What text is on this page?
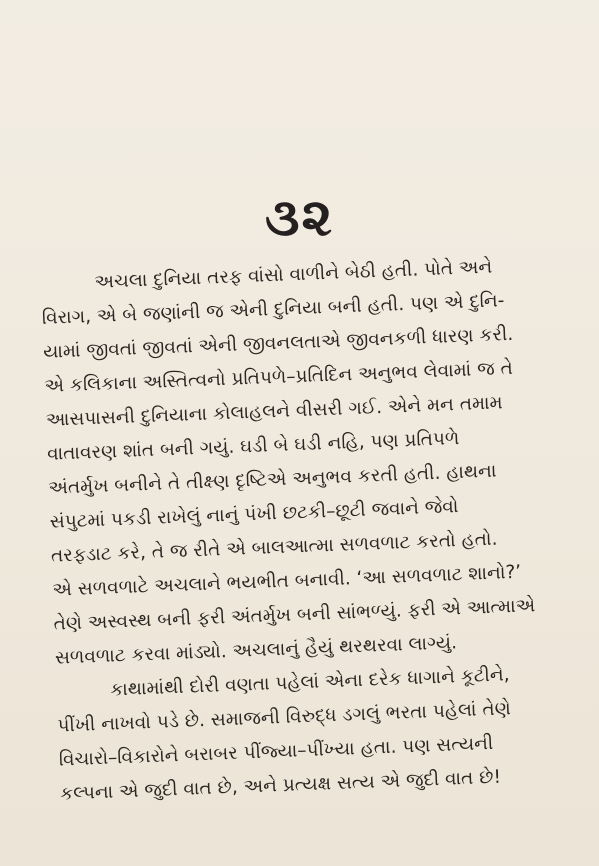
૩૨

અચલા દુનિયા તરફ વાંસો વાળીને બેઠી હતી. પોતે અને

વિરાગ, એ બે જણાંની જ એની દુનિયા બની હતી. પણ એ દુનિ-

યામાં જીવતાં જીવતાં એની જીવનલતાએ જીવનકળી ધારણ કરી.

એ કલિકાના અસ્તિત્વનો પ્રતિપળે–પ્રતિદિન અનુભવ લેવામાં જ તે

આસપાસની દુનિયાના કોલાહલને વીસરી ગઈ. એને મન તમામ

વાતાવરણ શાંત બની ગયું. ઘડી બે ઘડી નહિ, પણ પ્રતિપળે

અંતર્મુખ બનીને તે તીક્ષ્ણ દૃષ્ટિએ અનુભવ કરતી હતી. હાથના

સંપુટમાં પકડી રાખેલું નાનું પંખી છટકી–છૂટી જવાને જેવો

તરફડાટ કરે, તે જ રીતે એ બાલઆત્મા સળવળાટ કરતો હતો.

એ સળવળાટે અચલાને ભયભીત બનાવી. ‘આ સળવળાટ શાનો?’

તેણે અસ્વસ્થ બની ફરી અંતર્મુખ બની સાંભળ્યું. ફરી એ આત્માએ

સળવળાટ કરવા માંડ્યો. અચલાનું હૈયું થરથરવા લાગ્યું.

કાથામાંથી દોરી વણતા પહેલાં એના દરેક ધાગાને કૂટીને,

પીંખી નાખવો પડે છે. સમાજની વિરુદ્ધ ડગલું ભરતા પહેલાં તેણે

વિચારો–વિકારોને બરાબર પીંજ્યા–પીંખ્યા હતા. પણ સત્યની

કલ્પના એ જુદી વાત છે, અને પ્રત્યક્ષ સત્ય એ જુદી વાત છે!
